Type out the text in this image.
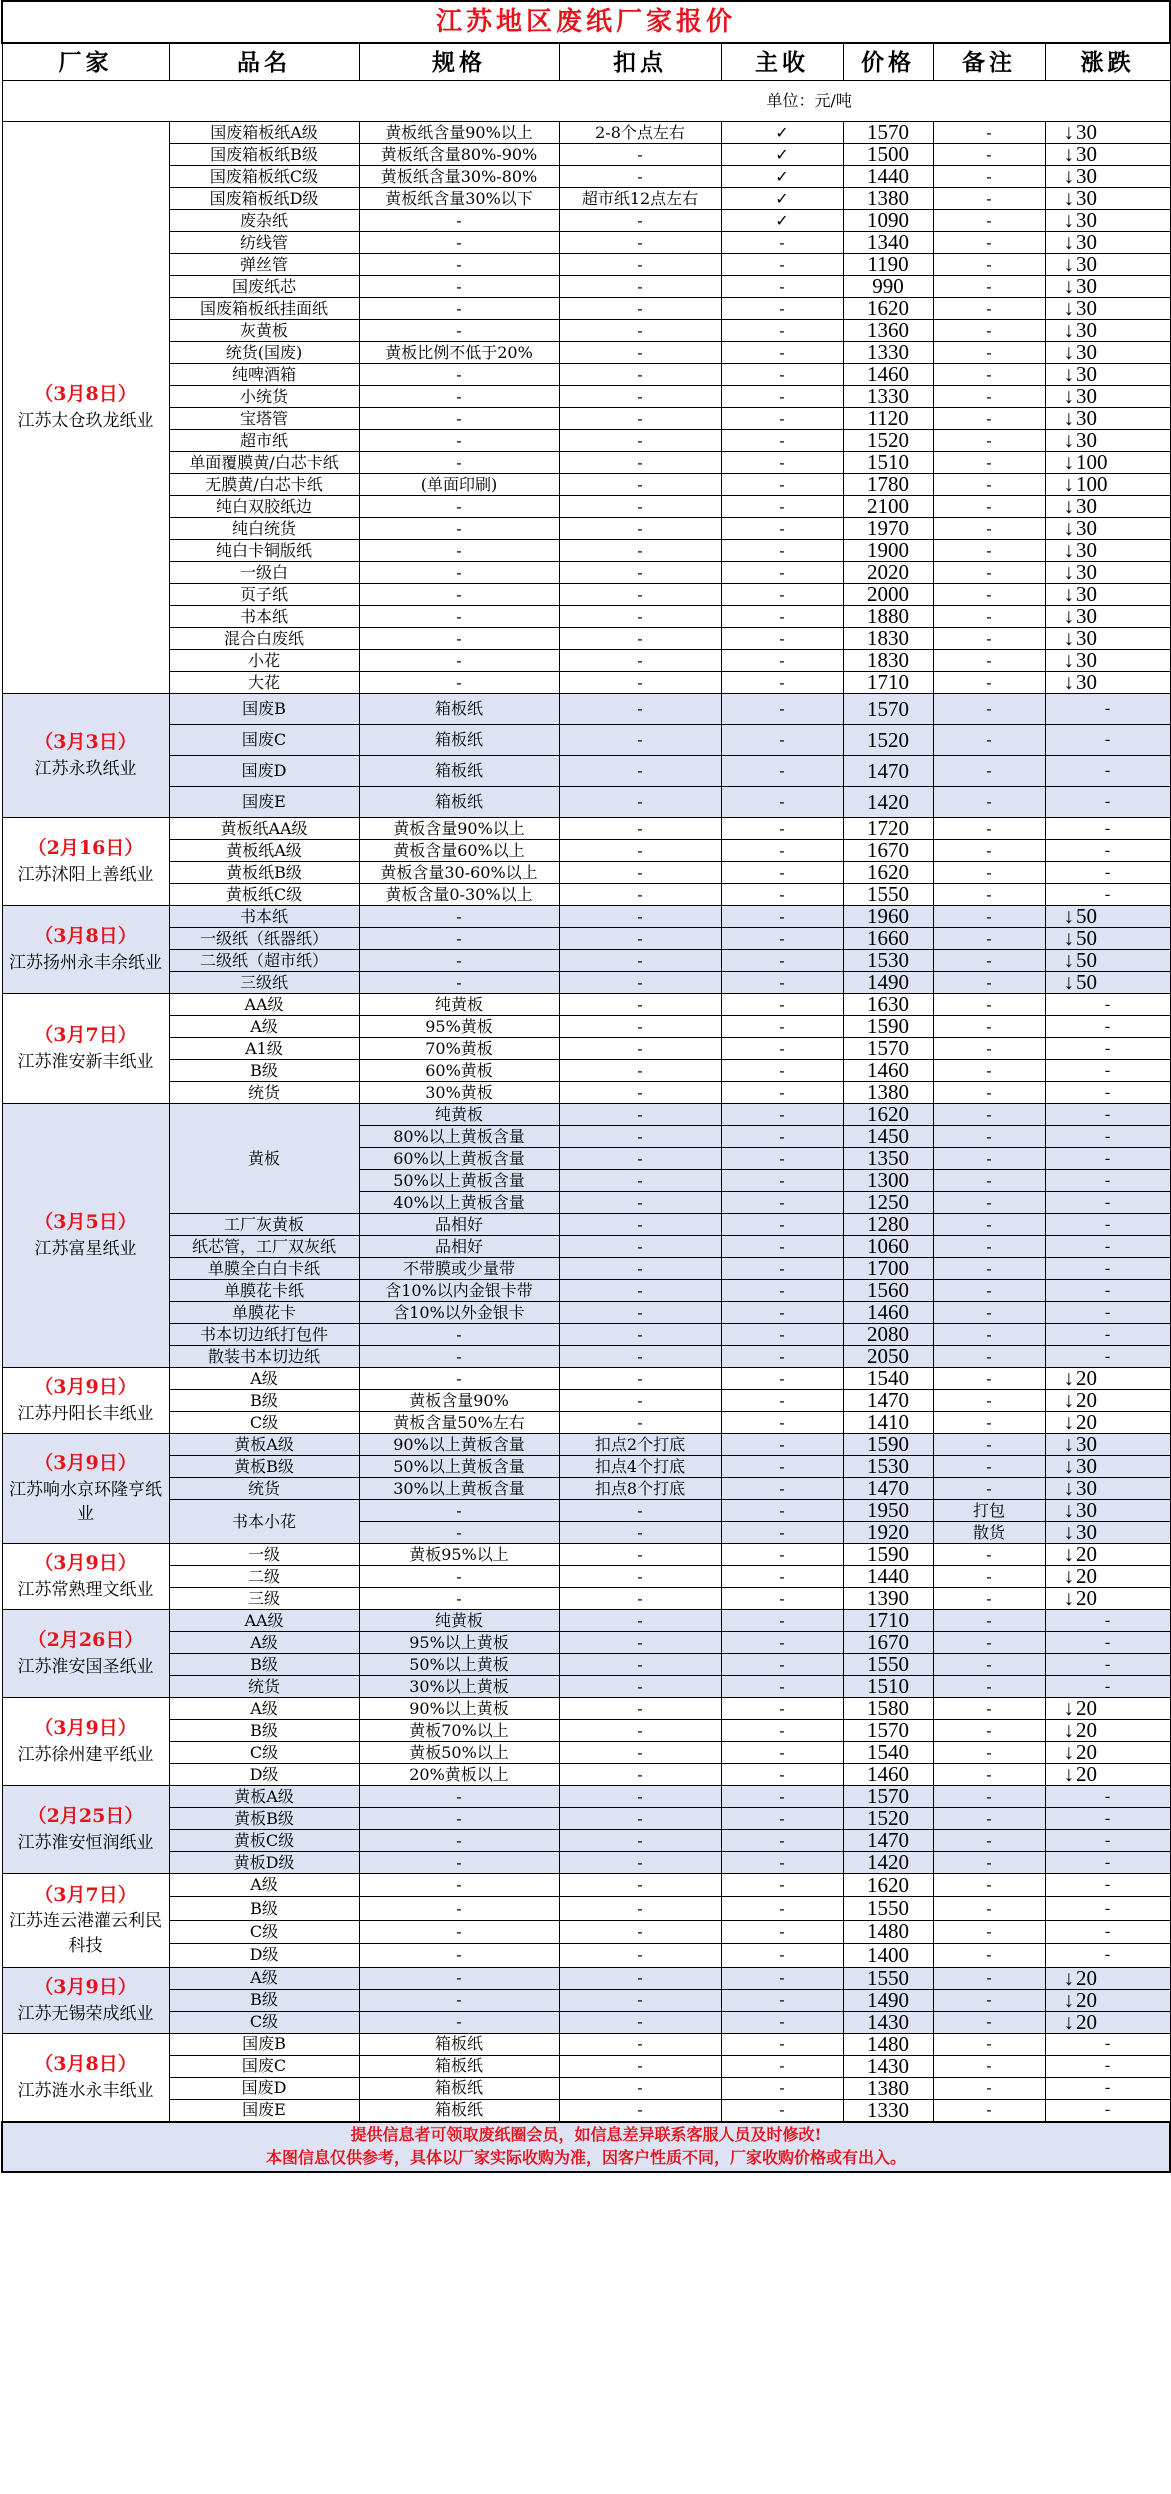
江苏地区废纸厂家报价							
厂家	品名	规格	扣点	主收	价格	备注	涨跌
单位：元/吨							

（3月8日）
江苏太仓玖龙纸业	国废箱板纸A级	黄板纸含量90%以上	2-8个点左右	✓	1570	-	↓30
	国废箱板纸B级	黄板纸含量80%-90%	-	✓	1500	-	↓30
	国废箱板纸C级	黄板纸含量30%-80%	-	✓	1440	-	↓30
	国废箱板纸D级	黄板纸含量30%以下	超市纸12点左右	✓	1380	-	↓30
	废杂纸	-	-	✓	1090	-	↓30
	纺线管	-	-	-	1340	-	↓30
	弹丝管	-	-	-	1190	-	↓30
	国废纸芯	-	-	-	990	-	↓30
	国废箱板纸挂面纸	-	-	-	1620	-	↓30
	灰黄板	-	-	-	1360	-	↓30
	统货(国废)	黄板比例不低于20%	-	-	1330	-	↓30
	纯啤酒箱	-	-	-	1460	-	↓30
	小统货	-	-	-	1330	-	↓30
	宝塔管	-	-	-	1120	-	↓30
	超市纸	-	-	-	1520	-	↓30
	单面覆膜黄/白芯卡纸	-	-	-	1510	-	↓100
	无膜黄/白芯卡纸	(单面印刷)	-	-	1780	-	↓100
	纯白双胶纸边	-	-	-	2100	-	↓30
	纯白统货	-	-	-	1970	-	↓30
	纯白卡铜版纸	-	-	-	1900	-	↓30
	一级白	-	-	-	2020	-	↓30
	页子纸	-	-	-	2000	-	↓30
	书本纸	-	-	-	1880	-	↓30
	混合白废纸	-	-	-	1830	-	↓30
	小花	-	-	-	1830	-	↓30
	大花	-	-	-	1710	-	↓30

（3月3日）
江苏永玖纸业	国废B	箱板纸	-	-	1570	-	-
	国废C	箱板纸	-	-	1520	-	-
	国废D	箱板纸	-	-	1470	-	-
	国废E	箱板纸	-	-	1420	-	-

（2月16日）
江苏沭阳上善纸业	黄板纸AA级	黄板含量90%以上	-	-	1720	-	-
	黄板纸A级	黄板含量60%以上	-	-	1670	-	-
	黄板纸B级	黄板含量30-60%以上	-	-	1620	-	-
	黄板纸C级	黄板含量0-30%以上	-	-	1550	-	-

（3月8日）
江苏扬州永丰余纸业	书本纸	-	-	-	1960	-	↓50
	一级纸（纸器纸）	-	-	-	1660	-	↓50
	二级纸（超市纸）	-	-	-	1530	-	↓50
	三级纸	-	-	-	1490	-	↓50

（3月7日）
江苏淮安新丰纸业	AA级	纯黄板	-	-	1630	-	-
	A级	95%黄板	-	-	1590	-	-
	A1级	70%黄板	-	-	1570	-	-
	B级	60%黄板	-	-	1460	-	-
	统货	30%黄板	-	-	1380	-	-

（3月5日）
江苏富星纸业	黄板	纯黄板	-	-	1620	-	-
		80%以上黄板含量	-	-	1450	-	-
		60%以上黄板含量	-	-	1350	-	-
		50%以上黄板含量	-	-	1300	-	-
		40%以上黄板含量	-	-	1250	-	-
	工厂灰黄板	品相好	-	-	1280	-	-
	纸芯管，工厂双灰纸	品相好	-	-	1060	-	-
	单膜全白白卡纸	不带膜或少量带	-	-	1700	-	-
	单膜花卡纸	含10%以内金银卡带	-	-	1560	-	-
	单膜花卡	含10%以外金银卡	-	-	1460	-	-
	书本切边纸打包件	-	-	-	2080	-	-
	散装书本切边纸	-	-	-	2050	-	-

（3月9日）
江苏丹阳长丰纸业	A级	-	-	-	1540	-	↓20
	B级	黄板含量90%	-	-	1470	-	↓20
	C级	黄板含量50%左右	-	-	1410	-	↓20

（3月9日）
江苏响水京环隆亨纸业	黄板A级	90%以上黄板含量	扣点2个打底	-	1590	-	↓30
	黄板B级	50%以上黄板含量	扣点4个打底	-	1530	-	↓30
	统货	30%以上黄板含量	扣点8个打底	-	1470	-	↓30
	书本小花	-	-	-	1950	打包	↓30
		-	-	-	1920	散货	↓30

（3月9日）
江苏常熟理文纸业	一级	黄板95%以上	-	-	1590	-	↓20
	二级	-	-	-	1440	-	↓20
	三级	-	-	-	1390	-	↓20

（2月26日）
江苏淮安国圣纸业	AA级	纯黄板	-	-	1710	-	-
	A级	95%以上黄板	-	-	1670	-	-
	B级	50%以上黄板	-	-	1550	-	-
	统货	30%以上黄板	-	-	1510	-	-

（3月9日）
江苏徐州建平纸业	A级	90%以上黄板	-	-	1580	-	↓20
	B级	黄板70%以上	-	-	1570	-	↓20
	C级	黄板50%以上	-	-	1540	-	↓20
	D级	20%黄板以上	-	-	1460	-	↓20

（2月25日）
江苏淮安恒润纸业	黄板A级	-	-	-	1570	-	-
	黄板B级	-	-	-	1520	-	-
	黄板C级	-	-	-	1470	-	-
	黄板D级	-	-	-	1420	-	-

（3月7日）
江苏连云港灌云利民科技	A级	-	-	-	1620	-	-
	B级	-	-	-	1550	-	-
	C级	-	-	-	1480	-	-
	D级	-	-	-	1400	-	-

（3月9日）
江苏无锡荣成纸业	A级	-	-	-	1550	-	↓20
	B级	-	-	-	1490	-	↓20
	C级	-	-	-	1430	-	↓20

（3月8日）
江苏涟水永丰纸业	国废B	箱板纸	-	-	1480	-	-
	国废C	箱板纸	-	-	1430	-	-
	国废D	箱板纸	-	-	1380	-	-
	国废E	箱板纸	-	-	1330	-	-

提供信息者可领取废纸圈会员，如信息差异联系客服人员及时修改!
本图信息仅供参考，具体以厂家实际收购为准，因客户性质不同，厂家收购价格或有出入。							
